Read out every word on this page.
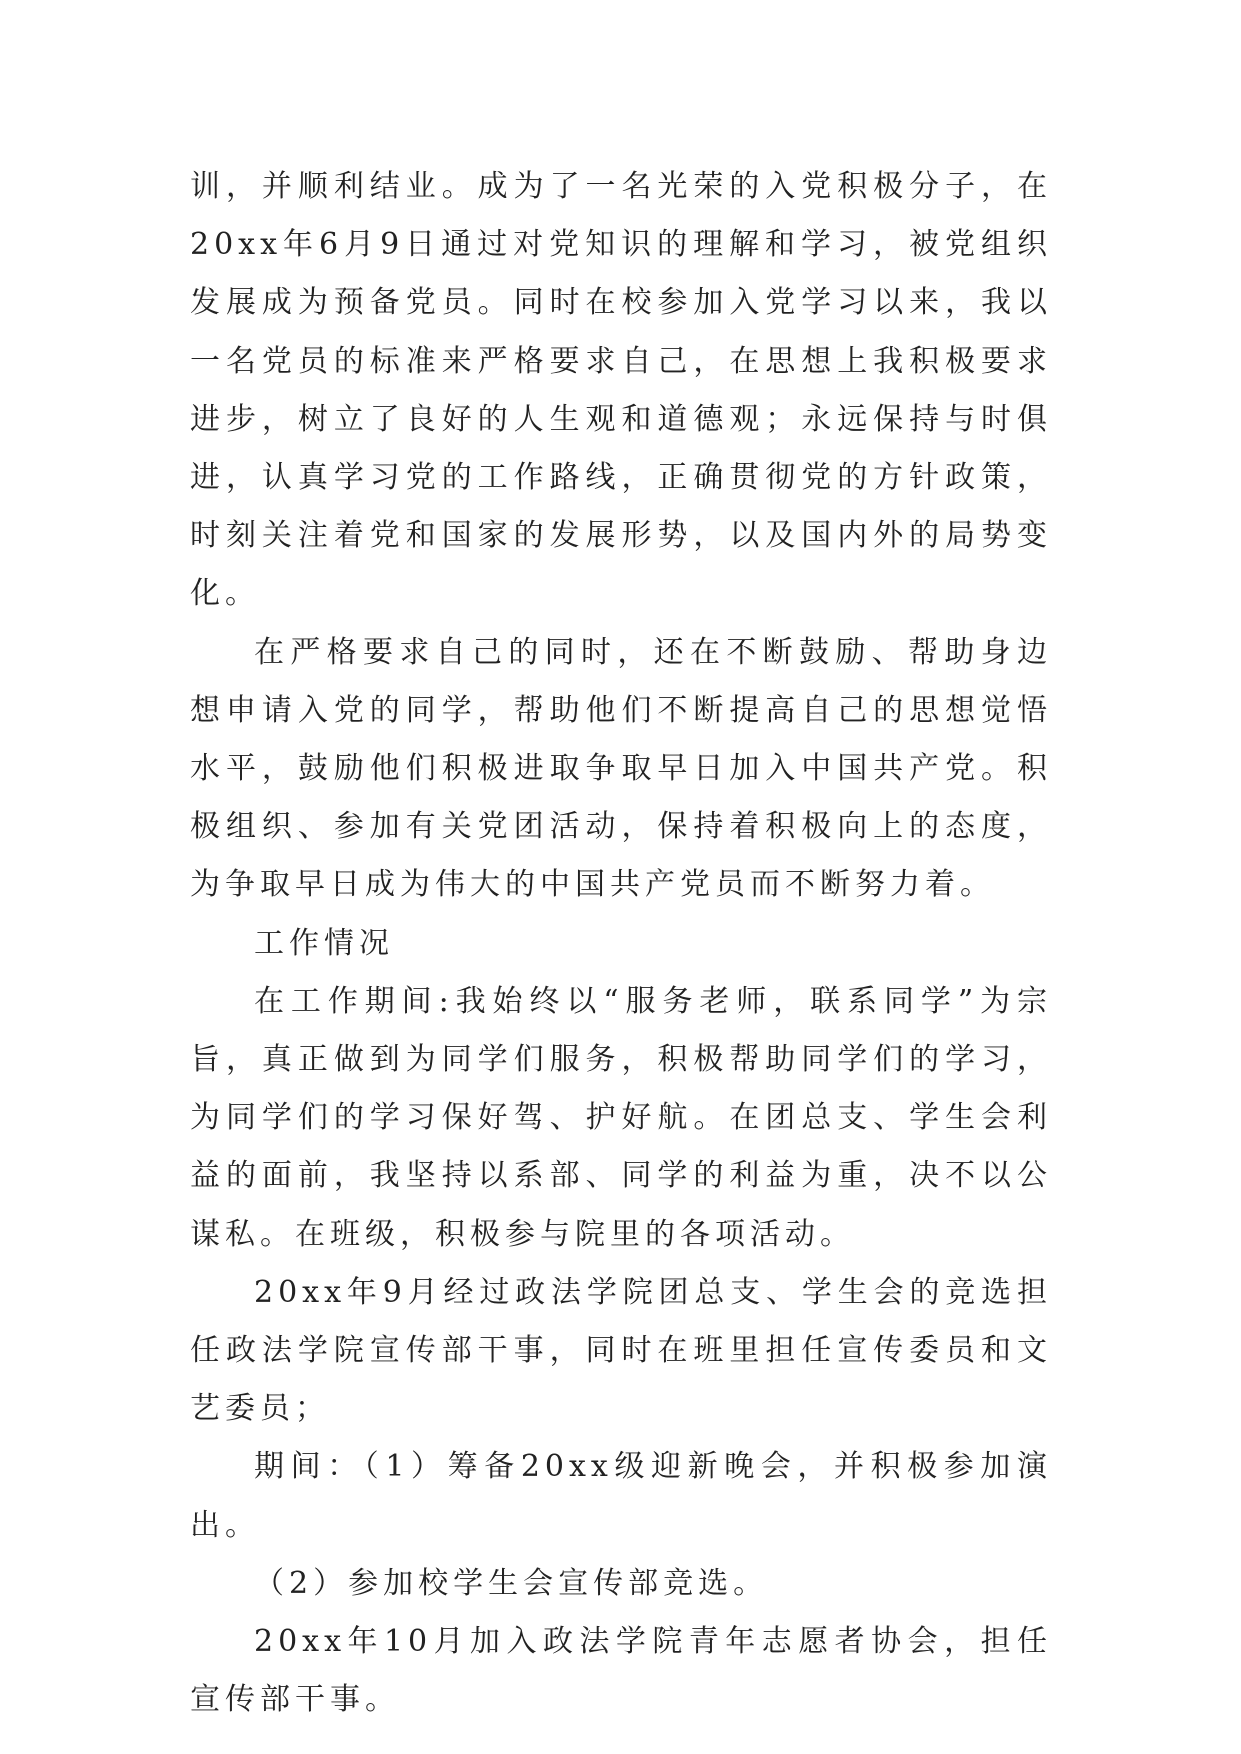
训，并顺利结业。成为了一名光荣的入党积极分子，在20xx年6月9日通过对党知识的理解和学习，被党组织发展成为预备党员。同时在校参加入党学习以来，我以一名党员的标准来严格要求自己，在思想上我积极要求进步，树立了良好的人生观和道德观；永远保持与时俱进，认真学习党的工作路线，正确贯彻党的方针政策，时刻关注着党和国家的发展形势，以及国内外的局势变化。

在严格要求自己的同时，还在不断鼓励、帮助身边想申请入党的同学，帮助他们不断提高自己的思想觉悟水平，鼓励他们积极进取争取早日加入中国共产党。积极组织、参加有关党团活动，保持着积极向上的态度，为争取早日成为伟大的中国共产党员而不断努力着。

工作情况

在工作期间:我始终以“服务老师，联系同学”为宗旨，真正做到为同学们服务，积极帮助同学们的学习，为同学们的学习保好驾、护好航。在团总支、学生会利益的面前，我坚持以系部、同学的利益为重，决不以公谋私。在班级，积极参与院里的各项活动。

20xx年9月经过政法学院团总支、学生会的竞选担任政法学院宣传部干事，同时在班里担任宣传委员和文艺委员；

期间：（1）筹备20xx级迎新晚会，并积极参加演出。

（2）参加校学生会宣传部竞选。

20xx年10月加入政法学院青年志愿者协会，担任宣传部干事。
